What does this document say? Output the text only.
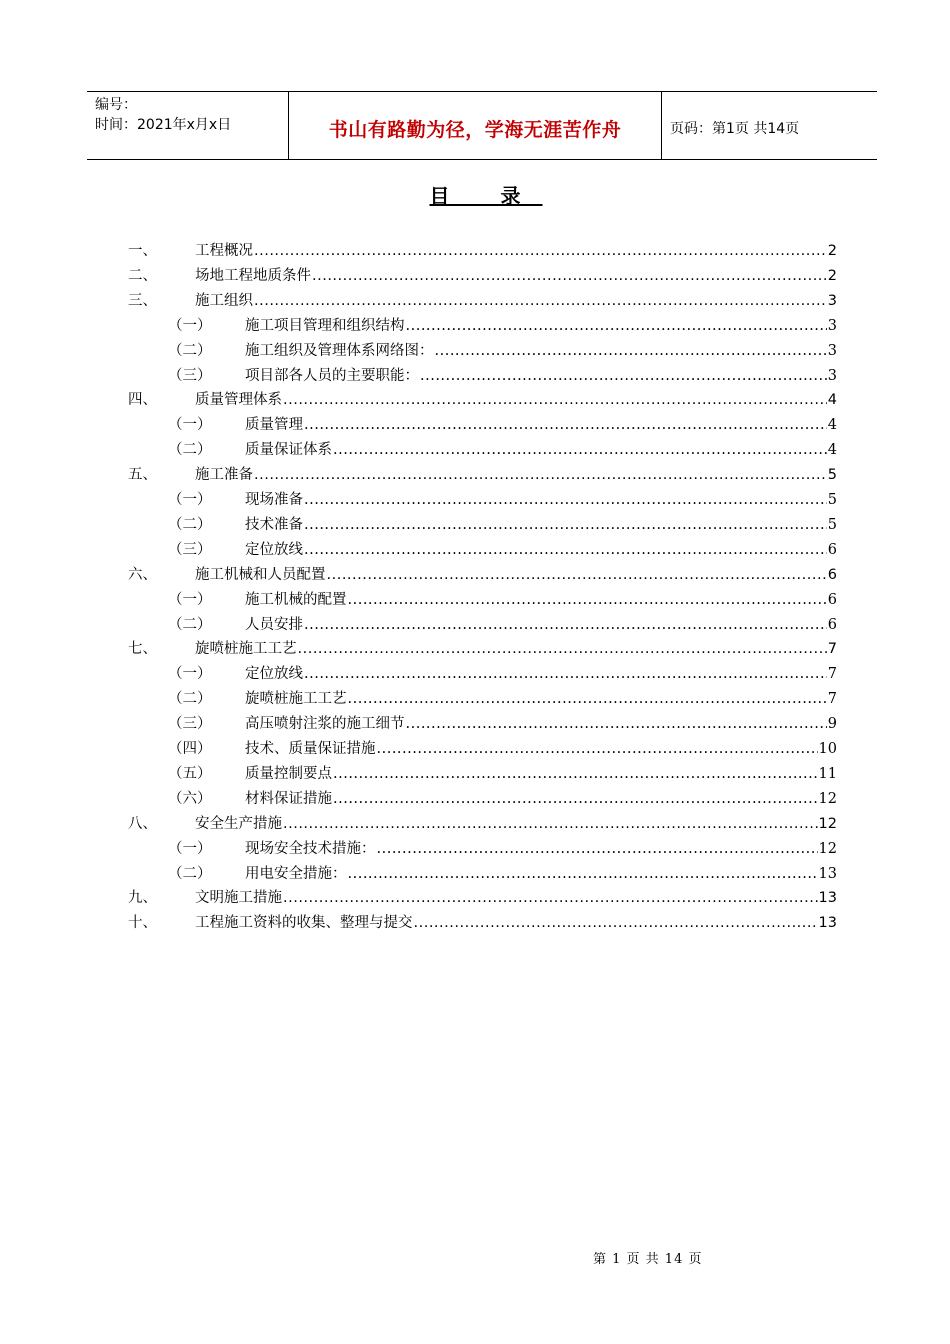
编号：
时间：2021年x月x日	书山有路勤为径，学海无涯苦作舟	页码：第1页 共14页
目 录
一、	工程概况 .....	2
二、	场地工程地质条件 .....	2
三、	施工组织 .....	3
（一） 施工项目管理和组织结构 .....	3
（二） 施工组织及管理体系网络图： .....	3
（三） 项目部各人员的主要职能： .....	3
四、	质量管理体系 .....	4
（一） 质量管理 .....	4
（二） 质量保证体系 .....	4
五、	施工准备 .....	5
（一） 现场准备 .....	5
（二） 技术准备 .....	5
（三） 定位放线 .....	6
六、	施工机械和人员配置 .....	6
（一） 施工机械的配置 .....	6
（二） 人员安排 .....	6
七、	旋喷桩施工工艺 .....	7
（一） 定位放线 .....	7
（二） 旋喷桩施工工艺 .....	7
（三） 高压喷射注浆的施工细节 .....	9
（四） 技术、质量保证措施 .....	10
（五） 质量控制要点 .....	11
（六） 材料保证措施 .....	12
八、	安全生产措施 .....	12
（一） 现场安全技术措施： .....	12
（二） 用电安全措施： .....	13
九、	文明施工措施 .....	13
十、	工程施工资料的收集、整理与提交 .....	13
第 1 页 共 14 页
